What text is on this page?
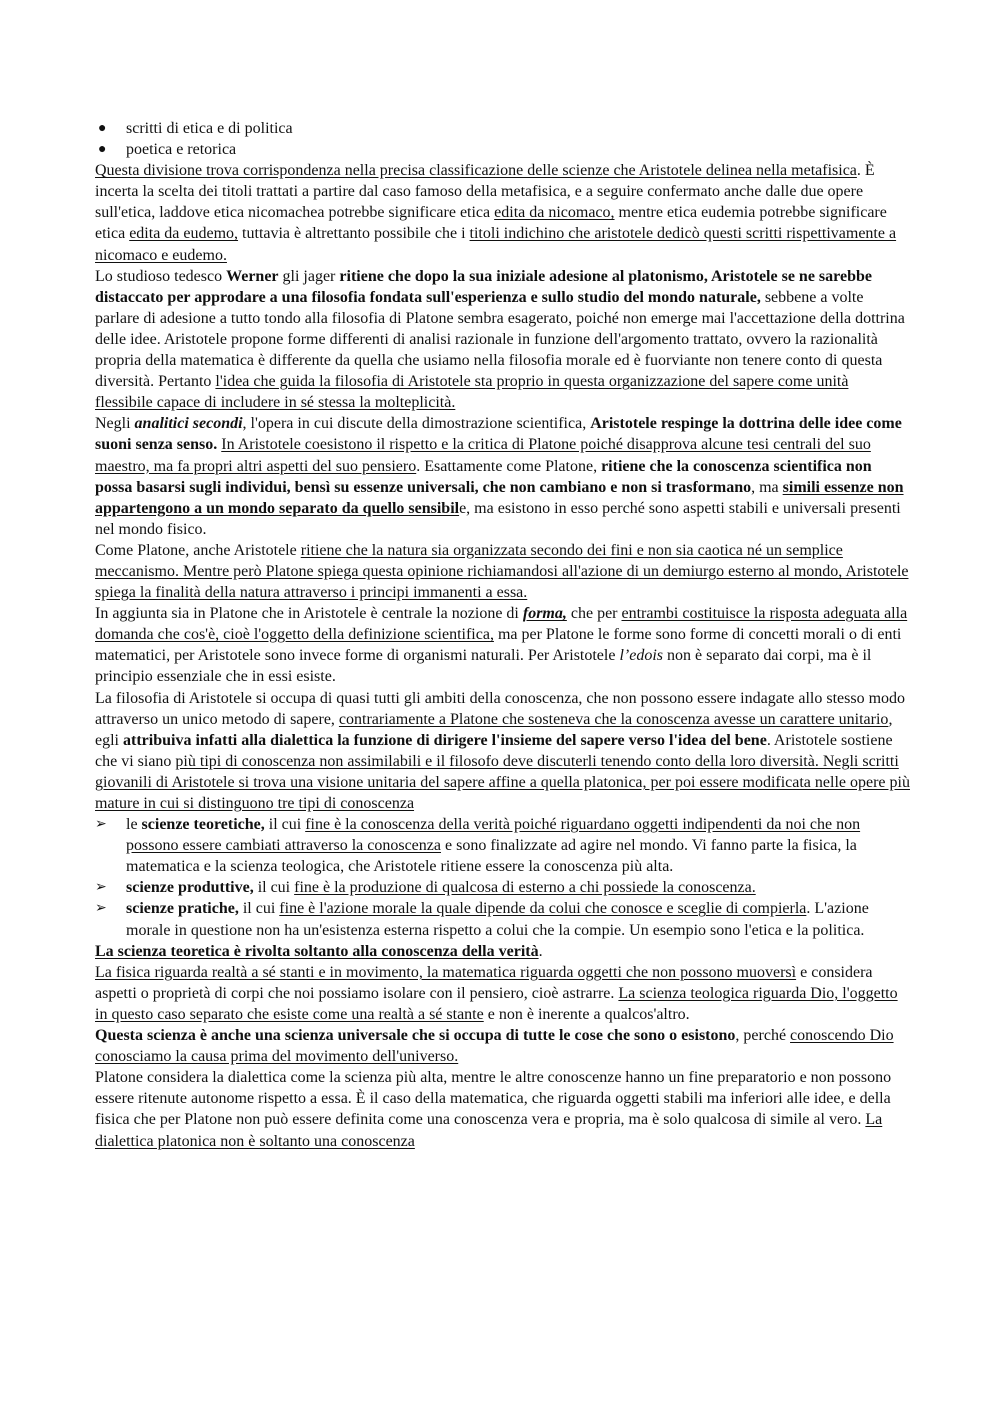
● scritti di etica e di politica
● poetica e retorica

Questa divisione trova corrispondenza nella precisa classificazione delle scienze che Aristotele delinea nella metafisica. È incerta la scelta dei titoli trattati a partire dal caso famoso della metafisica, e a seguire confermato anche dalle due opere sull'etica, laddove etica nicomachea potrebbe significare etica edita da nicomaco, mentre etica eudemia potrebbe significare etica edita da eudemo, tuttavia è altrettanto possibile che i titoli indichino che aristotele dedicò questi scritti rispettivamente a nicomaco e eudemo.

Lo studioso tedesco Werner gli jager ritiene che dopo la sua iniziale adesione al platonismo, Aristotele se ne sarebbe distaccato per approdare a una filosofia fondata sull'esperienza e sullo studio del mondo naturale, sebbene a volte parlare di adesione a tutto tondo alla filosofia di Platone sembra esagerato, poiché non emerge mai l'accettazione della dottrina delle idee. Aristotele propone forme differenti di analisi razionale in funzione dell'argomento trattato, ovvero la razionalità propria della matematica è differente da quella che usiamo nella filosofia morale ed è fuorviante non tenere conto di questa diversità. Pertanto l'idea che guida la filosofia di Aristotele sta proprio in questa organizzazione del sapere come unità flessibile capace di includere in sé stessa la molteplicità.

Negli analitici secondi, l'opera in cui discute della dimostrazione scientifica, Aristotele respinge la dottrina delle idee come suoni senza senso. In Aristotele coesistono il rispetto e la critica di Platone poiché disapprova alcune tesi centrali del suo maestro, ma fa propri altri aspetti del suo pensiero. Esattamente come Platone, ritiene che la conoscenza scientifica non possa basarsi sugli individui, bensì su essenze universali, che non cambiano e non si trasformano, ma simili essenze non appartengono a un mondo separato da quello sensibile, ma esistono in esso perché sono aspetti stabili e universali presenti nel mondo fisico.

Come Platone, anche Aristotele ritiene che la natura sia organizzata secondo dei fini e non sia caotica né un semplice meccanismo. Mentre però Platone spiega questa opinione richiamandosi all'azione di un demiurgo esterno al mondo, Aristotele spiega la finalità della natura attraverso i principi immanenti a essa.

In aggiunta sia in Platone che in Aristotele è centrale la nozione di forma, che per entrambi costituisce la risposta adeguata alla domanda che cos'è, cioè l'oggetto della definizione scientifica, ma per Platone le forme sono forme di concetti morali o di enti matematici, per Aristotele sono invece forme di organismi naturali. Per Aristotele l’edois non è separato dai corpi, ma è il principio essenziale che in essi esiste.

La filosofia di Aristotele si occupa di quasi tutti gli ambiti della conoscenza, che non possono essere indagate allo stesso modo attraverso un unico metodo di sapere, contrariamente a Platone che sosteneva che la conoscenza avesse un carattere unitario, egli attribuiva infatti alla dialettica la funzione di dirigere l'insieme del sapere verso l'idea del bene. Aristotele sostiene che vi siano più tipi di conoscenza non assimilabili e il filosofo deve discuterli tenendo conto della loro diversità. Negli scritti giovanili di Aristotele si trova una visione unitaria del sapere affine a quella platonica, per poi essere modificata nelle opere più mature in cui si distinguono tre tipi di conoscenza

➢ le scienze teoretiche, il cui fine è la conoscenza della verità poiché riguardano oggetti indipendenti da noi che non possono essere cambiati attraverso la conoscenza e sono finalizzate ad agire nel mondo. Vi fanno parte la fisica, la matematica e la scienza teologica, che Aristotele ritiene essere la conoscenza più alta.
➢ scienze produttive, il cui fine è la produzione di qualcosa di esterno a chi possiede la conoscenza.
➢ scienze pratiche, il cui fine è l'azione morale la quale dipende da colui che conosce e sceglie di compierla. L'azione morale in questione non ha un'esistenza esterna rispetto a colui che la compie. Un esempio sono l'etica e la politica.

La scienza teoretica è rivolta soltanto alla conoscenza della verità.

La fisica riguarda realtà a sé stanti e in movimento, la matematica riguarda oggetti che non possono muoversì e considera aspetti o proprietà di corpi che noi possiamo isolare con il pensiero, cioè astrarre. La scienza teologica riguarda Dio, l'oggetto in questo caso separato che esiste come una realtà a sé stante e non è inerente a qualcos'altro.

Questa scienza è anche una scienza universale che si occupa di tutte le cose che sono o esistono, perché conoscendo Dio conosciamo la causa prima del movimento dell'universo.

Platone considera la dialettica come la scienza più alta, mentre le altre conoscenze hanno un fine preparatorio e non possono essere ritenute autonome rispetto a essa. È il caso della matematica, che riguarda oggetti stabili ma inferiori alle idee, e della fisica che per Platone non può essere definita come una conoscenza vera e propria, ma è solo qualcosa di simile al vero. La dialettica platonica non è soltanto una conoscenza
